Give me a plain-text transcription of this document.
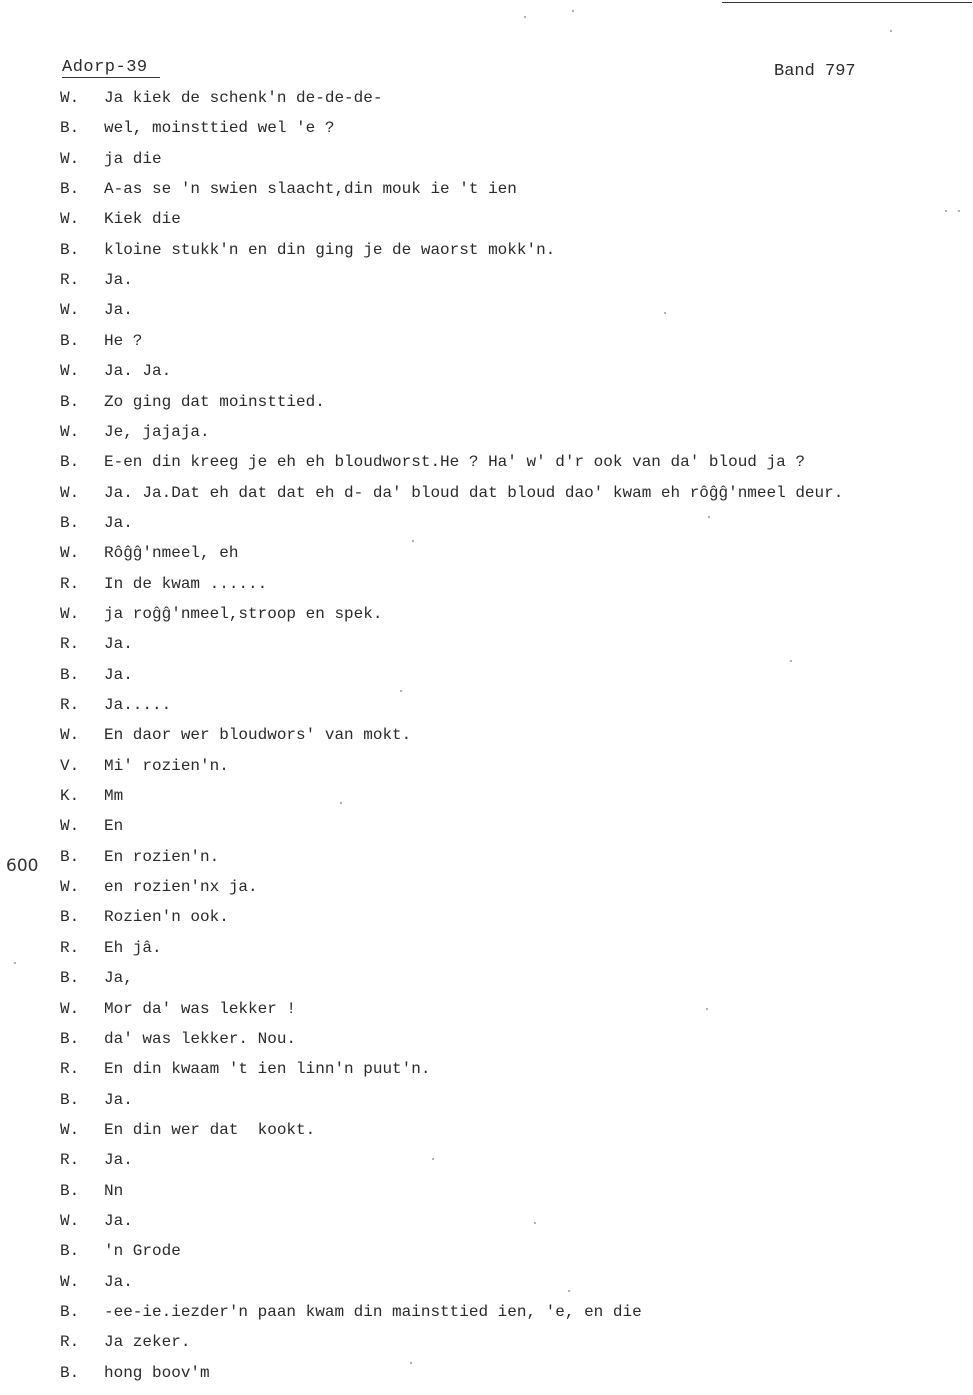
Adorp-39	Band 797
600
W.	Ja kiek de schenk'n de-de-de-
B.	wel, moinsttied wel 'e ?
W.	ja die
B.	A-as se 'n swien slaacht,din mouk ie 't ien
W.	Kiek die
B.	kloine stukk'n en din ging je de waorst mokk'n.
R.	Ja.
W.	Ja.
B.	He ?
W.	Ja. Ja.
B.	Zo ging dat moinsttied.
W.	Je, jajaja.
B.	E-en din kreeg je eh eh bloudworst.He ? Ha' w' d'r ook van da' bloud ja ?
W.	Ja. Ja.Dat eh dat dat eh d- da' bloud dat bloud dao' kwam eh rôĝĝ'nmeel deur.
B.	Ja.
W.	Rôĝĝ'nmeel, eh
R.	In de kwam ......
W.	ja roĝĝ'nmeel,stroop en spek.
R.	Ja.
B.	Ja.
R.	Ja.....
W.	En daor wer bloudwors' van mokt.
V.	Mi' rozien'n.
K.	Mm
W.	En
B.	En rozien'n.
W.	en rozien'nx ja.
B.	Rozien'n ook.
R.	Eh jâ.
B.	Ja,
W.	Mor da' was lekker !
B.	da' was lekker. Nou.
R.	En din kwaam 't ien linn'n puut'n.
B.	Ja.
W.	En din wer dat  kookt.
R.	Ja.
B.	Nn
W.	Ja.
B.	'n Grode
W.	Ja.
B.	-ee-ie.iezder'n paan kwam din mainsttied ien, 'e, en die
R.	Ja zeker.
B.	hong boov'm
